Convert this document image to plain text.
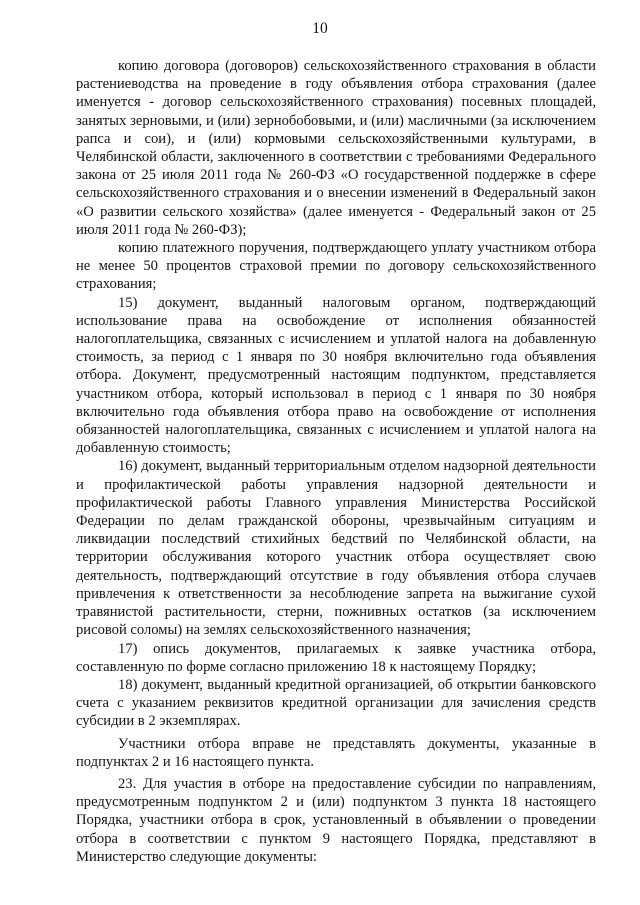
10

копию договора (договоров) сельскохозяйственного страхования в области растениеводства на проведение в году объявления отбора страхования (далее именуется - договор сельскохозяйственного страхования) посевных площадей, занятых зерновыми, и (или) зернобобовыми, и (или) масличными (за исключением рапса и сои), и (или) кормовыми сельскохозяйственными культурами, в Челябинской области, заключенного в соответствии с требованиями Федерального закона от 25 июля 2011 года № 260-ФЗ «О государственной поддержке в сфере сельскохозяйственного страхования и о внесении изменений в Федеральный закон «О развитии сельского хозяйства» (далее именуется - Федеральный закон от 25 июля 2011 года № 260-ФЗ);

копию платежного поручения, подтверждающего уплату участником отбора не менее 50 процентов страховой премии по договору сельскохозяйственного страхования;

15) документ, выданный налоговым органом, подтверждающий использование права на освобождение от исполнения обязанностей налогоплательщика, связанных с исчислением и уплатой налога на добавленную стоимость, за период с 1 января по 30 ноября включительно года объявления отбора. Документ, предусмотренный настоящим подпунктом, представляется участником отбора, который использовал в период с 1 января по 30 ноября включительно года объявления отбора право на освобождение от исполнения обязанностей налогоплательщика, связанных с исчислением и уплатой налога на добавленную стоимость;

16) документ, выданный территориальным отделом надзорной деятельности и профилактической работы управления надзорной деятельности и профилактической работы Главного управления Министерства Российской Федерации по делам гражданской обороны, чрезвычайным ситуациям и ликвидации последствий стихийных бедствий по Челябинской области, на территории обслуживания которого участник отбора осуществляет свою деятельность, подтверждающий отсутствие в году объявления отбора случаев привлечения к ответственности за несоблюдение запрета на выжигание сухой травянистой растительности, стерни, пожнивных остатков (за исключением рисовой соломы) на землях сельскохозяйственного назначения;

17) опись документов, прилагаемых к заявке участника отбора, составленную по форме согласно приложению 18 к настоящему Порядку;

18) документ, выданный кредитной организацией, об открытии банковского счета с указанием реквизитов кредитной организации для зачисления средств субсидии в 2 экземплярах.

Участники отбора вправе не представлять документы, указанные в подпунктах 2 и 16 настоящего пункта.

23. Для участия в отборе на предоставление субсидии по направлениям, предусмотренным подпунктом 2 и (или) подпунктом 3 пункта 18 настоящего Порядка, участники отбора в срок, установленный в объявлении о проведении отбора в соответствии с пунктом 9 настоящего Порядка, представляют в Министерство следующие документы:
